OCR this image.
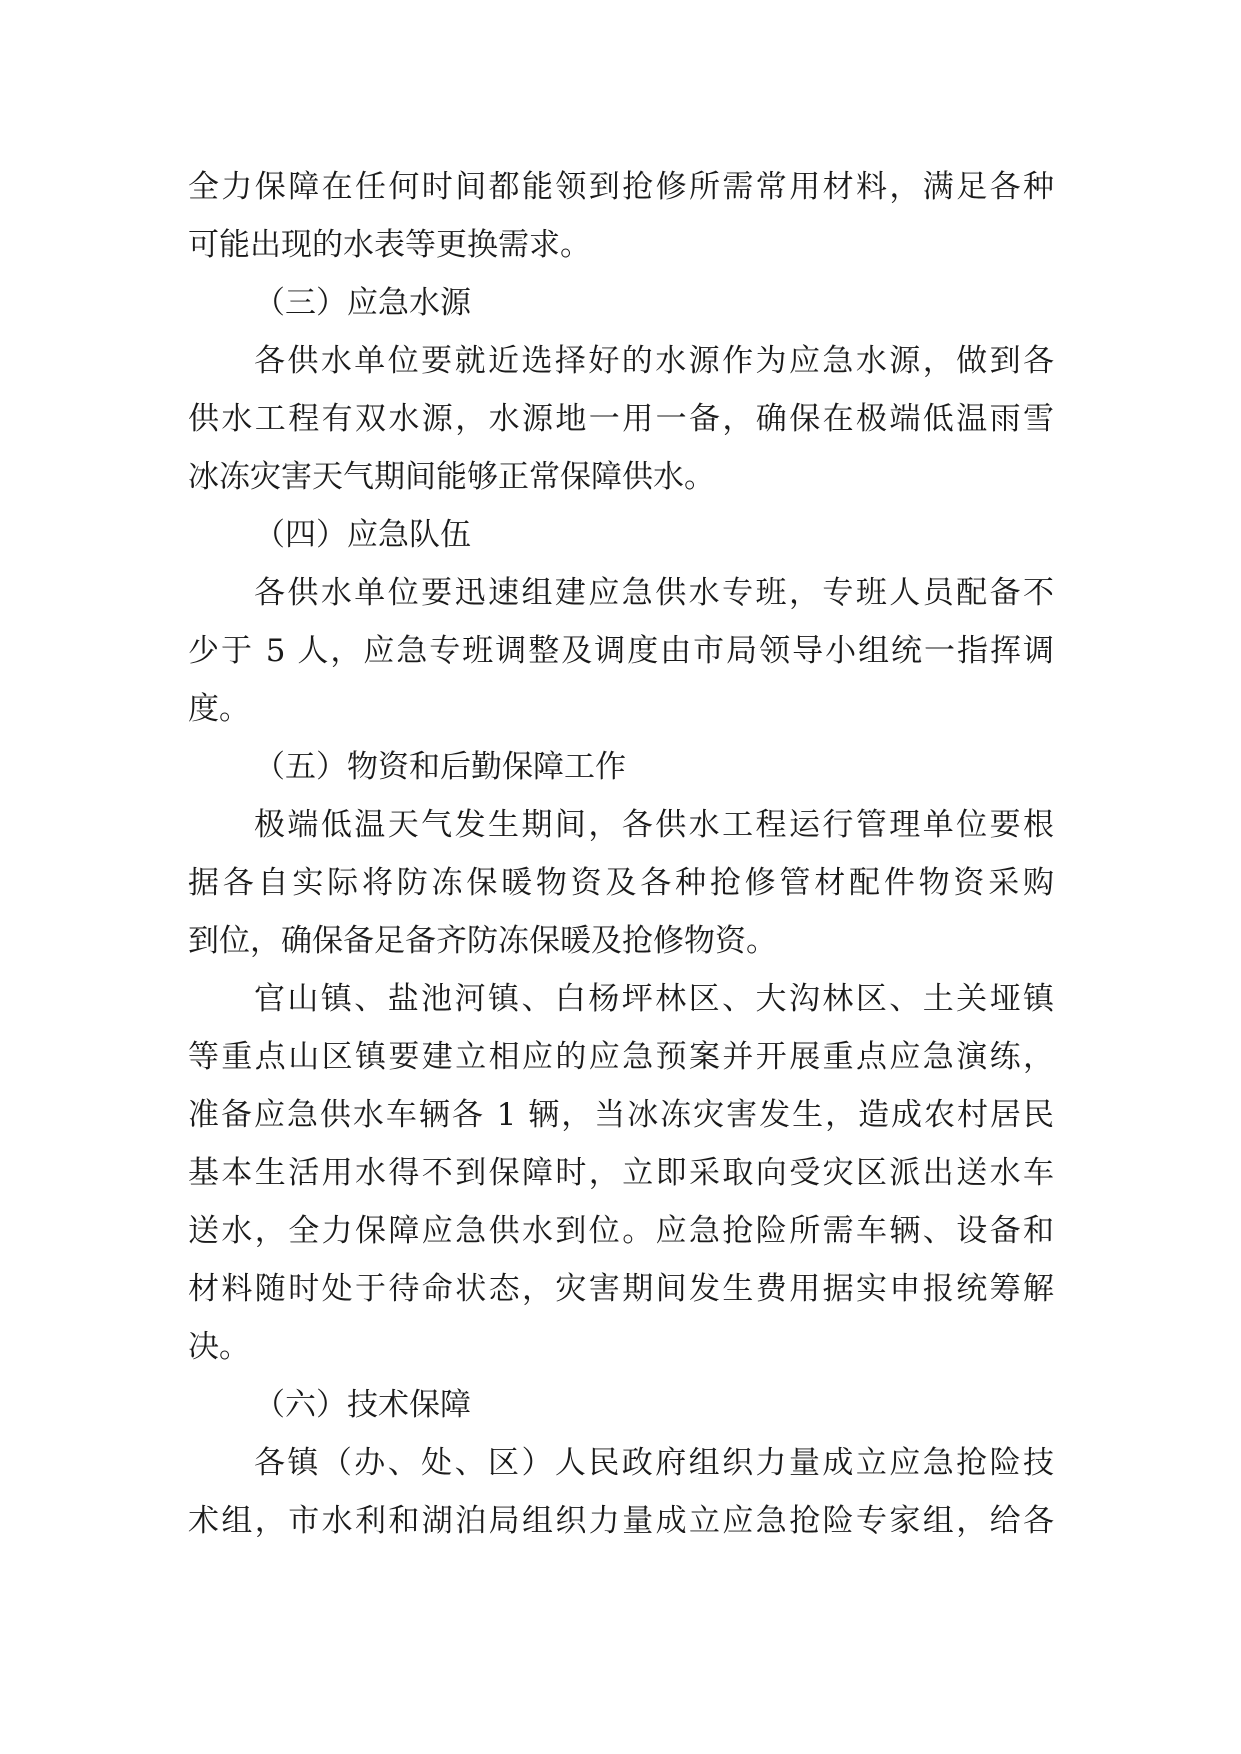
全力保障在任何时间都能领到抢修所需常用材料，满足各种
可能出现的水表等更换需求。
（三）应急水源
各供水单位要就近选择好的水源作为应急水源，做到各
供水工程有双水源，水源地一用一备，确保在极端低温雨雪
冰冻灾害天气期间能够正常保障供水。
（四）应急队伍
各供水单位要迅速组建应急供水专班，专班人员配备不
少于 5 人，应急专班调整及调度由市局领导小组统一指挥调
度。
（五）物资和后勤保障工作
极端低温天气发生期间，各供水工程运行管理单位要根
据各自实际将防冻保暖物资及各种抢修管材配件物资采购
到位，确保备足备齐防冻保暖及抢修物资。
官山镇、盐池河镇、白杨坪林区、大沟林区、土关垭镇
等重点山区镇要建立相应的应急预案并开展重点应急演练，
准备应急供水车辆各 1 辆，当冰冻灾害发生，造成农村居民
基本生活用水得不到保障时，立即采取向受灾区派出送水车
送水，全力保障应急供水到位。应急抢险所需车辆、设备和
材料随时处于待命状态，灾害期间发生费用据实申报统筹解
决。
（六）技术保障
各镇（办、处、区）人民政府组织力量成立应急抢险技
术组，市水利和湖泊局组织力量成立应急抢险专家组，给各
